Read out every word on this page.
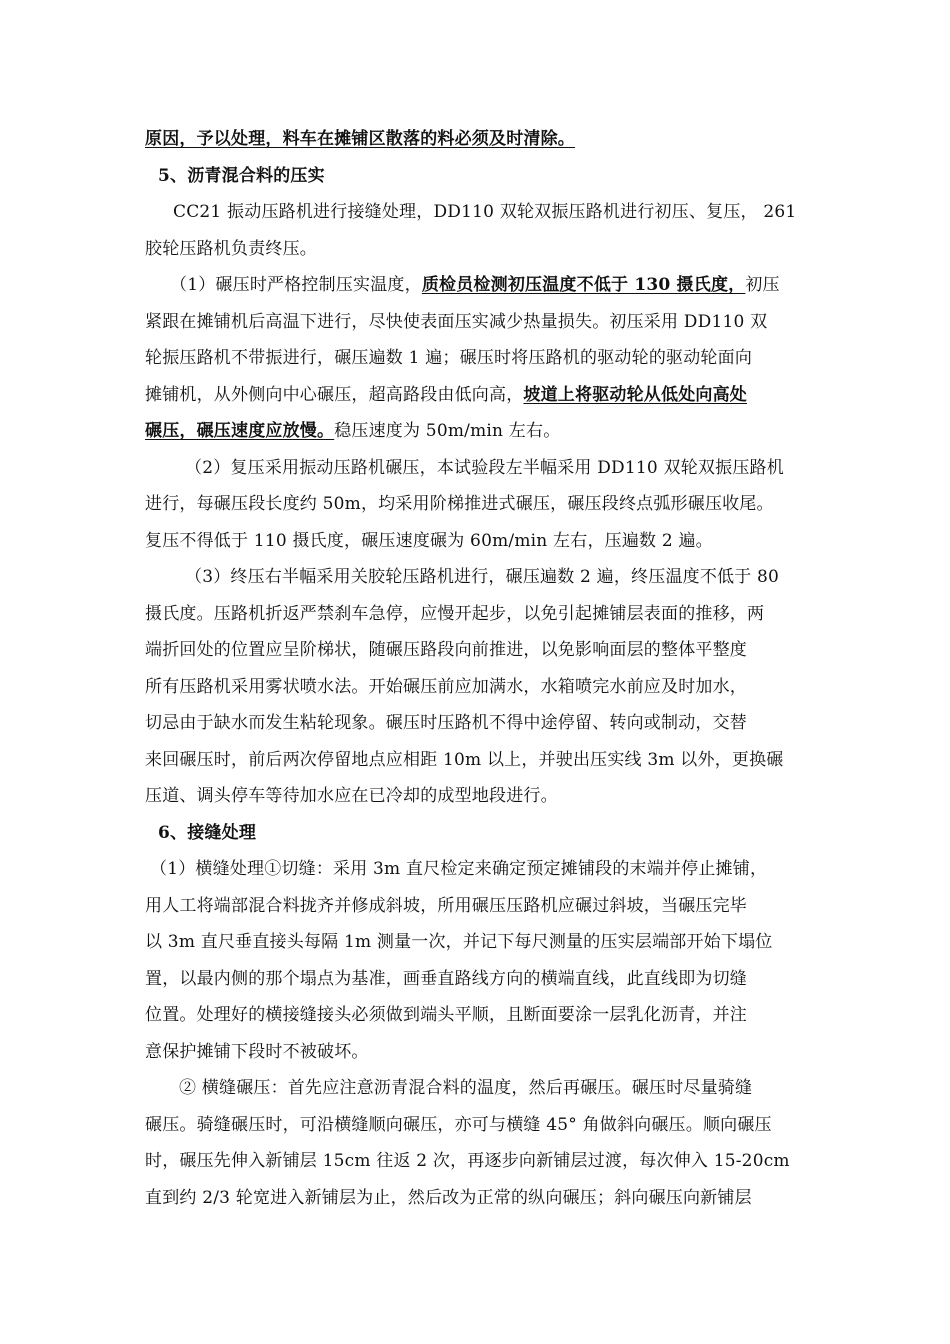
原因，予以处理，料车在摊铺区散落的料必须及时清除。
5、沥青混合料的压实
CC21 振动压路机进行接缝处理，DD110 双轮双振压路机进行初压、复压， 261
胶轮压路机负责终压。
（1）碾压时严格控制压实温度，质检员检测初压温度不低于 130 摄氏度，初压
紧跟在摊铺机后高温下进行，尽快使表面压实减少热量损失。初压采用 DD110 双
轮振压路机不带振进行，碾压遍数 1 遍；碾压时将压路机的驱动轮的驱动轮面向
摊铺机，从外侧向中心碾压，超高路段由低向高，坡道上将驱动轮从低处向高处
碾压，碾压速度应放慢。稳压速度为 50m/min 左右。
（2）复压采用振动压路机碾压，本试验段左半幅采用 DD110 双轮双振压路机
进行，每碾压段长度约 50m，均采用阶梯推进式碾压，碾压段终点弧形碾压收尾。
复压不得低于 110 摄氏度，碾压速度碾为 60m/min 左右，压遍数 2 遍。
（3）终压右半幅采用关胶轮压路机进行，碾压遍数 2 遍，终压温度不低于 80
摄氏度。压路机折返严禁刹车急停，应慢开起步，以免引起摊铺层表面的推移，两
端折回处的位置应呈阶梯状，随碾压路段向前推进，以免影响面层的整体平整度
所有压路机采用雾状喷水法。开始碾压前应加满水，水箱喷完水前应及时加水，
切忌由于缺水而发生粘轮现象。碾压时压路机不得中途停留、转向或制动，交替
来回碾压时，前后两次停留地点应相距 10m 以上，并驶出压实线 3m 以外，更换碾
压道、调头停车等待加水应在已冷却的成型地段进行。
6、接缝处理
（1）横缝处理①切缝：采用 3m 直尺检定来确定预定摊铺段的末端并停止摊铺，
用人工将端部混合料拢齐并修成斜坡，所用碾压压路机应碾过斜坡，当碾压完毕
以 3m 直尺垂直接头每隔 1m 测量一次，并记下每尺测量的压实层端部开始下塌位
置，以最内侧的那个塌点为基准，画垂直路线方向的横端直线，此直线即为切缝
位置。处理好的横接缝接头必须做到端头平顺，且断面要涂一层乳化沥青，并注
意保护摊铺下段时不被破坏。
② 横缝碾压：首先应注意沥青混合料的温度，然后再碾压。碾压时尽量骑缝
碾压。骑缝碾压时，可沿横缝顺向碾压，亦可与横缝 45° 角做斜向碾压。顺向碾压
时，碾压先伸入新铺层 15cm 往返 2 次，再逐步向新铺层过渡，每次伸入 15-20cm
直到约 2/3 轮宽进入新铺层为止，然后改为正常的纵向碾压；斜向碾压向新铺层
